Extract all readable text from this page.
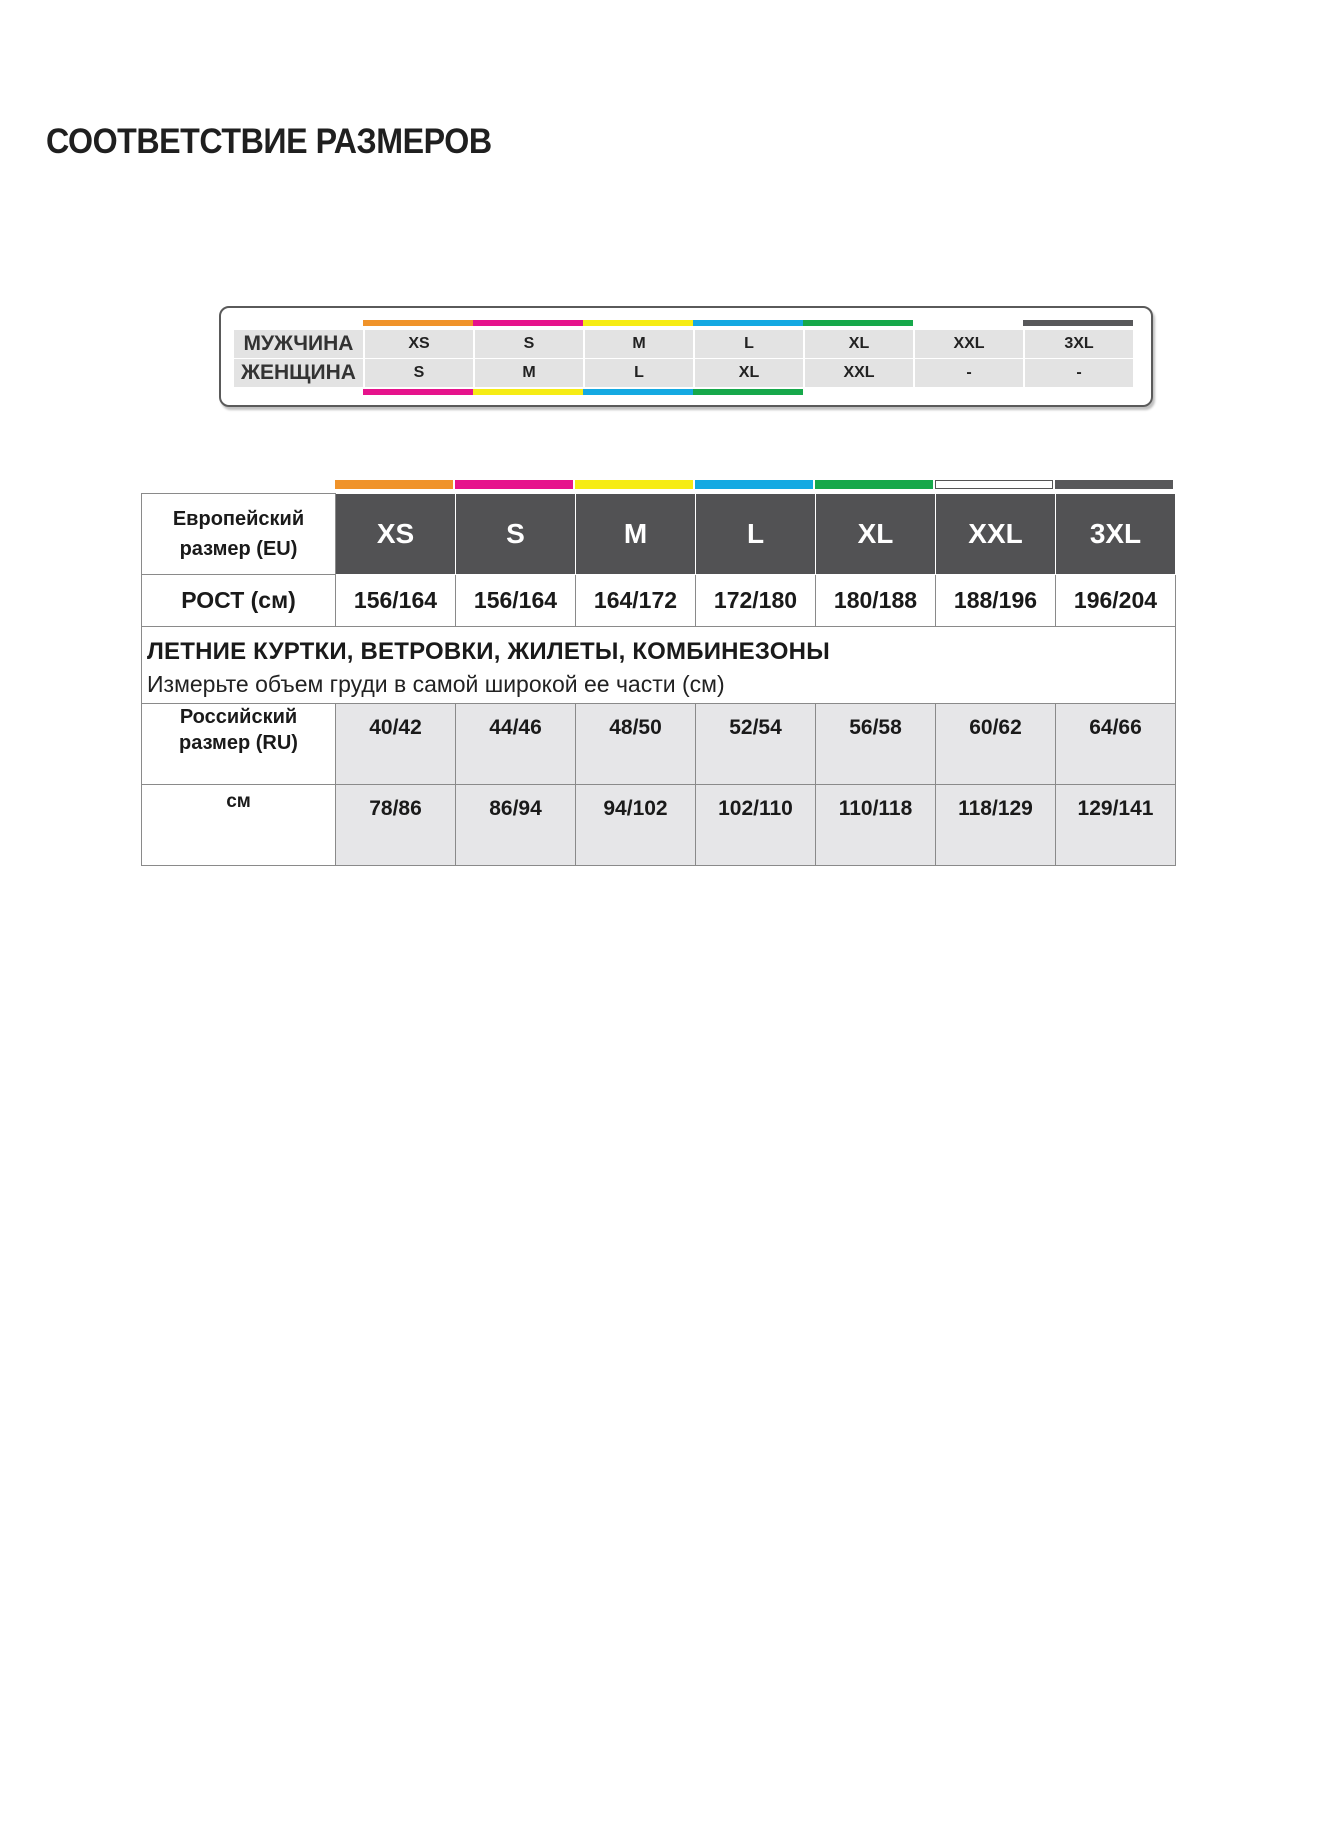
СООТВЕТСТВИЕ РАЗМЕРОВ
МУЖЧИНА	XS	S	M	L	XL	XXL	3XL
ЖЕНЩИНА	S	M	L	XL	XXL	-	-
Европейский
размер (EU)	XS	S	M	L	XL	XXL	3XL
РОСТ (см)	156/164	156/164	164/172	172/180	180/188	188/196	196/204

ЛЕТНИЕ КУРТКИ, ВЕТРОВКИ, ЖИЛЕТЫ, КОМБИНЕЗОНЫ
Измерьте объем груди в самой широкой ее части (см)							

Российский
размер (RU)	40/42	44/46	48/50	52/54	56/58	60/62	64/66
см	78/86	86/94	94/102	102/110	110/118	118/129	129/141
